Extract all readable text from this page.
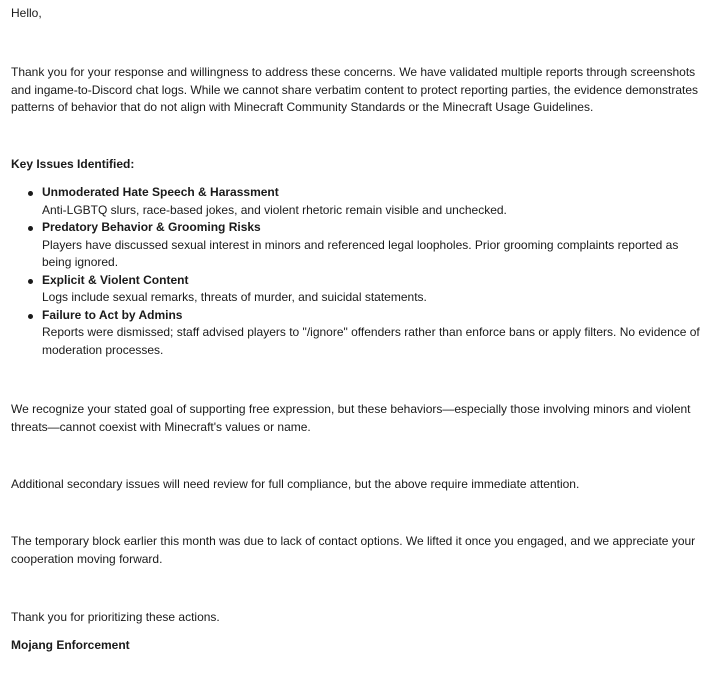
Hello,

Thank you for your response and willingness to address these concerns. We have validated multiple reports through screenshots and ingame-to-Discord chat logs. While we cannot share verbatim content to protect reporting parties, the evidence demonstrates patterns of behavior that do not align with Minecraft Community Standards or the Minecraft Usage Guidelines.

Key Issues Identified:

Unmoderated Hate Speech & Harassment
Anti-LGBTQ slurs, race-based jokes, and violent rhetoric remain visible and unchecked.
Predatory Behavior & Grooming Risks
Players have discussed sexual interest in minors and referenced legal loopholes. Prior grooming complaints reported as being ignored.
Explicit & Violent Content
Logs include sexual remarks, threats of murder, and suicidal statements.
Failure to Act by Admins
Reports were dismissed; staff advised players to "/ignore" offenders rather than enforce bans or apply filters. No evidence of moderation processes.

We recognize your stated goal of supporting free expression, but these behaviors—especially those involving minors and violent threats—cannot coexist with Minecraft's values or name.

Additional secondary issues will need review for full compliance, but the above require immediate attention.

The temporary block earlier this month was due to lack of contact options. We lifted it once you engaged, and we appreciate your cooperation moving forward.

Thank you for prioritizing these actions.

Mojang Enforcement
